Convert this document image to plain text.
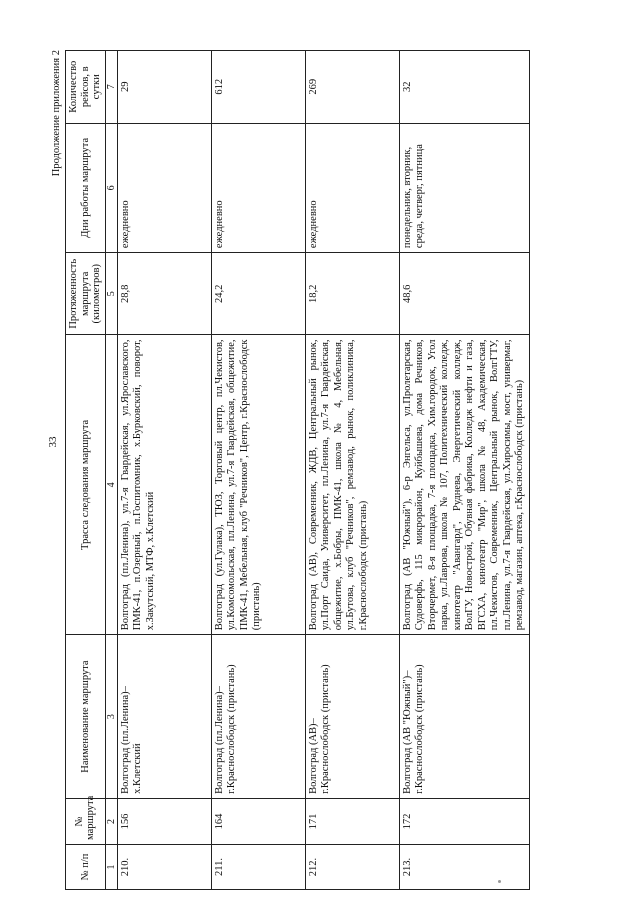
33
Продолжение приложения 2
№ п/п	№ маршрута	Наименование маршрута	Трасса следования маршрута	Протяженность маршрута (километров)	Дни работы маршрута	Количество рейсов, в сутки
1	2	3	4	5	6	7
210.	156	Волгоград (пл.Ленина)–х.Клетский	Волгоград (пл.Ленина), ул.7-я Гвардейская, ул.Ярославского, ПМК-41, п.Озерный, п.Госпитомник, х.Бурковский, поворот, х.Закутский, МТФ, х.Клетский	28,8	ежедневно	29
211.	164	Волгоград (пл.Ленина)–г.Краснослободск (пристань)	Волгоград (ул.Гулака), ТЮЗ, Торговый центр, пл.Чекистов, ул.Комсомольская, пл.Ленина, ул.7-я Гвардейская, общежитие, ПМК-41, Мебельная, клуб "Речников", Центр, г.Краснослободск (пристань)	24,2	ежедневно	612
212.	171	Волгоград (АВ)–г.Краснослободск (пристань)	Волгоград (АВ), Современник, ЖДВ, Центральный рынок, ул.Порт Саида, Университет, пл.Ленина, ул.7-я Гвардейская, общежитие, х.Бобры, ПМК-41, школа № 4, Мебельная, ул.Бутова, клуб "Речников", ремзавод, рынок, поликлиника, г.Краснослободск (пристань)	18,2	ежедневно	269
213.	172	Волгоград (АВ "Южный")–г.Краснослободск (пристань)	Волгоград (АВ "Южный"), 6-р Энгельса, ул.Пролетарская, Судоверфь, 115 микрорайон, Куйбышева, дома Речников, Вторчермет, 8-я площадка, 7-я площадка, Хим.городок, Угол парка, ул.Лаврова, школа № 107, Политехнический колледж, кинотеатр "Авангард", Руднева, Энергетический колледж, ВолГУ, Новострой, Обувная фабрика, Колледж нефти и газа, ВГСХА, кинотеатр "Мир", школа № 48, Академическая, пл.Чекистов, Современник, Центральный рынок, ВолгГТУ, пл.Ленина, ул.7-я Гвардейская, ул.Хиросимы, мост, универмаг, ремзавод, магазин, аптека, г.Краснослободск (пристань)	48,6	понедельник, вторник, среда, четверг, пятница	32
